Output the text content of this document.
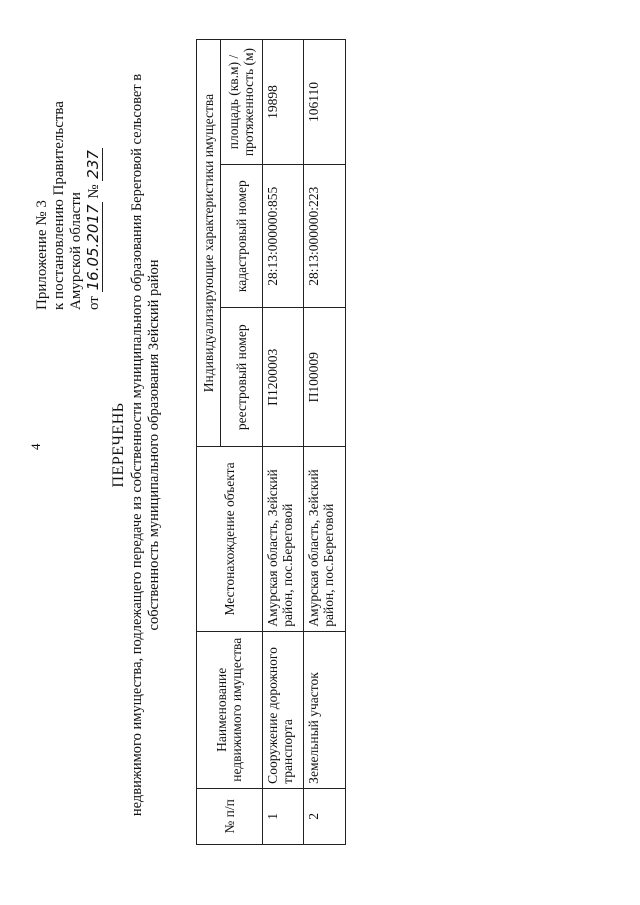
4
Приложение № 3 к постановлению Правительства Амурской области от 16.05.2017 № 237
ПЕРЕЧЕНЬ недвижимого имущества, подлежащего передаче из собственности муниципального образования Береговой сельсовет в собственность муниципального образования Зейский район
№ п/п	Наименование недвижимого имущества	Местонахождение объекта	Индивидуализирующие характеристики имущества		
			реестровый номер	кадастровый номер	площадь (кв.м) / протяженность (м)
1	Сооружение дорожного транспорта	Амурская область, Зейский район, пос.Береговой	П1200003	28:13:000000:855	19898
2	Земельный участок	Амурская область, Зейский район, пос.Береговой	П100009	28:13:000000:223	106110
